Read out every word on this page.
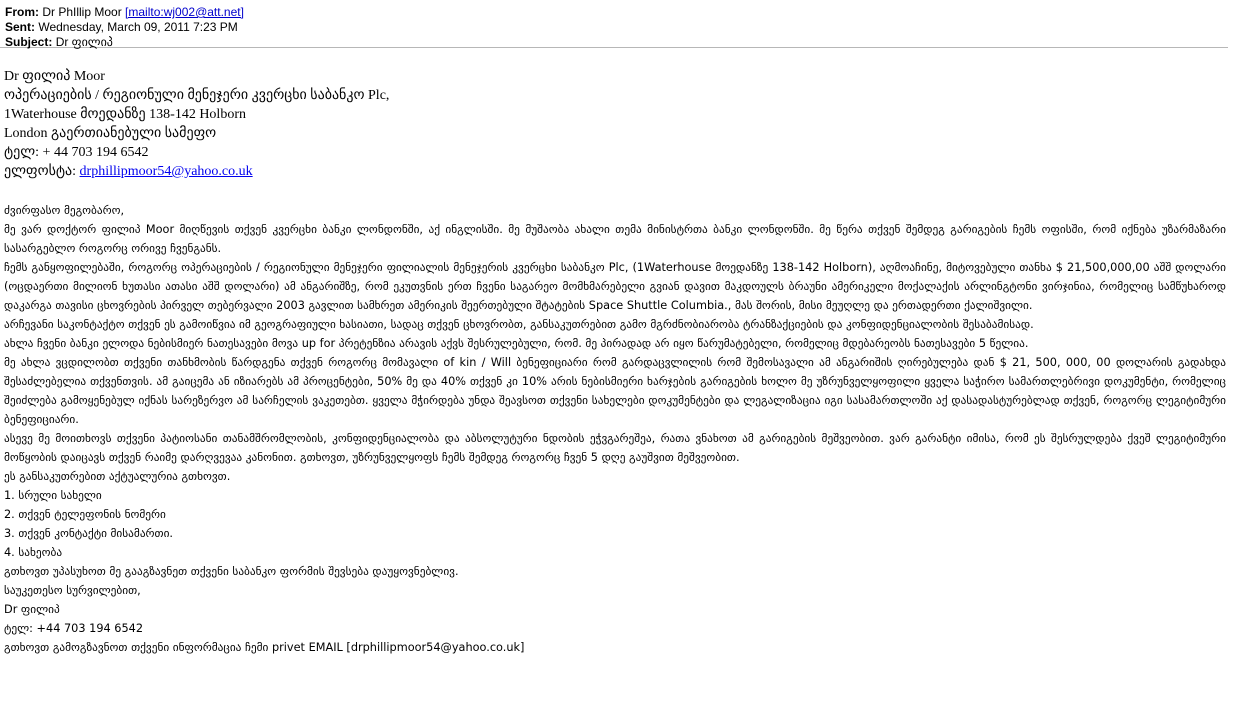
From: Dr PhIllip Moor [mailto:wj002@att.net]
Sent: Wednesday, March 09, 2011 7:23 PM
Subject: Dr ფილიპ
Dr ფილიპ Moor
ოპერაციების / რეგიონული მენეჯერი კვერცხი საბანკო Plc,
1Waterhouse მოედანზე 138-142 Holborn
London გაერთიანებული სამეფო
ტელ: + 44 703 194 6542
ელფოსტა: drphillipmoor54@yahoo.co.uk
ძვირფასო მეგობარო,

მე ვარ დოქტორ ფილიპ Moor მიღწევის თქვენ კვერცხი ბანკი ლონდონში, აქ ინგლისში. მე მუშაობა ახალი თემა მინისტრთა ბანკი ლონდონში. მე წერა თქვენ შემდეგ გარიგების ჩემს ოფისში, რომ იქნება უზარმაზარი სასარგებლო როგორც ორივე ჩვენგანს.

ჩემს განყოფილებაში, როგორც ოპერაციების / რეგიონული მენეჯერი ფილიალის მენეჯერის კვერცხი საბანკო Plc, (1Waterhouse მოედანზე 138-142 Holborn), აღმოაჩინე, მიტოვებული თანხა $ 21,500,000,00 აშშ დოლარი (ოცდაერთი მილიონ ხუთასი ათასი აშშ დოლარი) ამ ანგარიშზე, რომ ეკუთვნის ერთ ჩვენი საგარეო მომხმარებელი გვიან დავით მაკდოულს ბრაუნი ამერიკელი მოქალაქის არლინგტონი ვირჯინია, რომელიც სამწუხაროდ დაკარგა თავისი ცხოვრების პირველ თებერვალი 2003 გავლით სამხრეთ ამერიკის შეერთებული შტატების Space Shuttle Columbia., მას შორის, მისი მეუღლე და ერთადერთი ქალიშვილი.

არჩევანი საკონტაქტო თქვენ ეს გამოიწვია იმ გეოგრაფიული ხასიათი, სადაც თქვენ ცხოვრობთ, განსაკუთრებით გამო მგრძნობიარობა ტრანზაქციების და კონფიდენციალობის შესაბამისად.

ახლა ჩვენი ბანკი ელოდა ნებისმიერ ნათესავები მოვა up for პრეტენზია არავის აქვს შესრულებული, რომ. მე პირადად არ იყო წარუმატებელი, რომელიც მდებარეობს ნათესავები 5 წელია.

მე ახლა ვცდილობთ თქვენი თანხმობის წარდგენა თქვენ როგორც მომავალი of kin / Will ბენეფიციარი რომ გარდაცვლილის რომ შემოსავალი ამ ანგარიშის ღირებულება დან $ 21, 500, 000, 00 დოლარის გადახდა შესაძლებელია თქვენთვის. ამ გაიცემა ან იზიარებს ამ პროცენტები, 50% მე და 40% თქვენ კი 10% არის ნებისმიერი ხარჯების გარიგების ხოლო მე უზრუნველყოფილი ყველა საჭირო სამართლებრივი დოკუმენტი, რომელიც შეიძლება გამოყენებულ იქნას სარეზერვო ამ სარჩელის ვაკეთებთ. ყველა მჭირდება უნდა შეავსოთ თქვენი სახელები დოკუმენტები და ლეგალიზაცია იგი სასამართლოში აქ დასადასტურებლად თქვენ, როგორც ლეგიტიმური ბენეფიციარი.

ასევე მე მოითხოვს თქვენი პატიოსანი თანამშრომლობის, კონფიდენციალობა და აბსოლუტური ნდობის ეჭვგარეშეა, რათა ვნახოთ ამ გარიგების მეშვეობით. ვარ გარანტი იმისა, რომ ეს შესრულდება ქვეშ ლეგიტიმური მოწყობის დაიცავს თქვენ რაიმე დარღვევაა კანონით. გთხოვთ, უზრუნველყოფს ჩემს შემდეგ როგორც ჩვენ 5 დღე გაუშვით მეშვეობით.

ეს განსაკუთრებით აქტუალურია გთხოვთ.
1. სრული სახელი
2. თქვენ ტელეფონის ნომერი
3. თქვენ კონტაქტი მისამართი.
4. სახეობა
გთხოვთ უპასუხოთ მე გააგზავნეთ თქვენი საბანკო ფორმის შევსება დაუყოვნებლივ.
საუკეთესო სურვილებით,
Dr ფილიპ
ტელ: +44 703 194 6542
გთხოვთ გამოგზავნოთ თქვენი ინფორმაცია ჩემი privet EMAIL [drphillipmoor54@yahoo.co.uk]
